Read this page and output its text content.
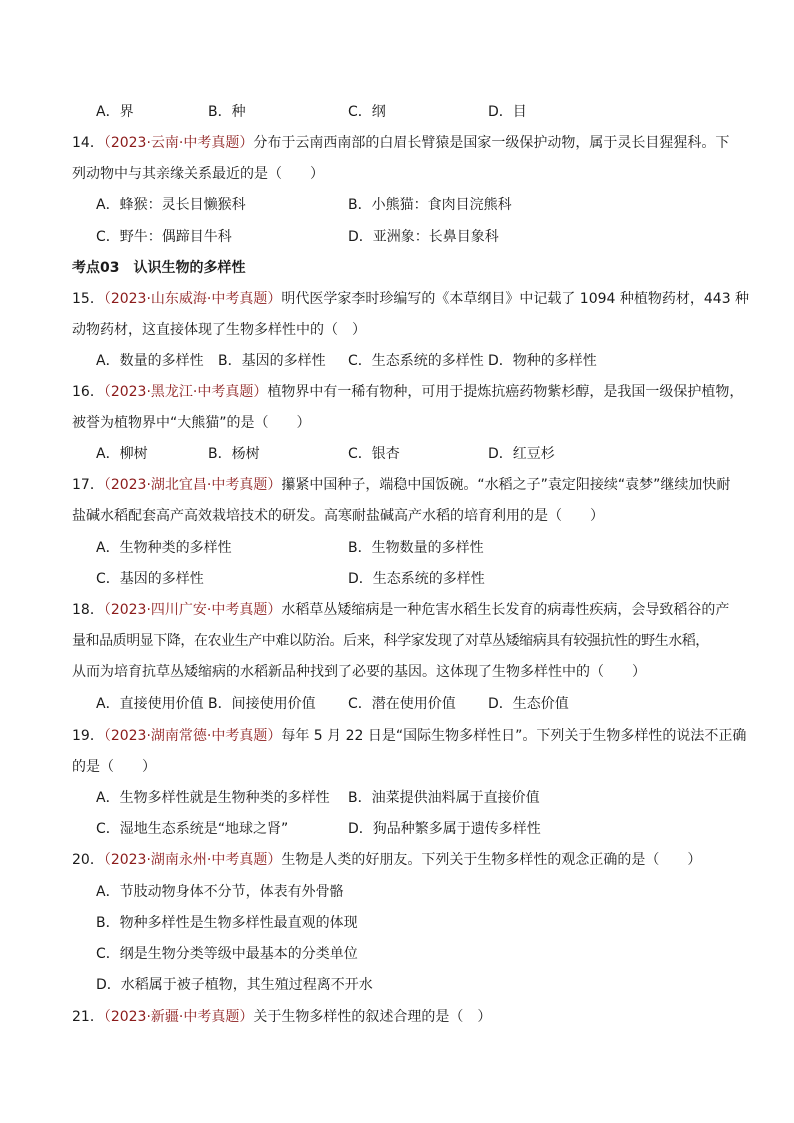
A．界	B．种	C．纲	D．目
14．（2023·云南·中考真题）分布于云南西南部的白眉长臂猿是国家一级保护动物，属于灵长目猩猩科。下
列动物中与其亲缘关系最近的是（　　）
A．蜂猴：灵长目懒猴科	B．小熊猫：食肉目浣熊科
C．野牛：偶蹄目牛科	D．亚洲象：长鼻目象科
考点03　认识生物的多样性
15．（2023·山东威海·中考真题）明代医学家李时珍编写的《本草纲目》中记载了 1094 种植物药材，443 种
动物药材，这直接体现了生物多样性中的（　）
A．数量的多样性 B．基因的多样性 C．生态系统的多样性 D．物种的多样性
16．（2023·黑龙江·中考真题）植物界中有一稀有物种，可用于提炼抗癌药物紫杉醇，是我国一级保护植物，
被誉为植物界中“大熊猫”的是（　　）
A．柳树	B．杨树	C．银杏	D．红豆杉
17．（2023·湖北宜昌·中考真题）攥紧中国种子，端稳中国饭碗。“水稻之子”袁定阳接续“袁梦”继续加快耐
盐碱水稻配套高产高效栽培技术的研发。高寒耐盐碱高产水稻的培育利用的是（　　）
A．生物种类的多样性	B．生物数量的多样性
C．基因的多样性	D．生态系统的多样性
18．（2023·四川广安·中考真题）水稻草丛矮缩病是一种危害水稻生长发育的病毒性疾病，会导致稻谷的产
量和品质明显下降，在农业生产中难以防治。后来，科学家发现了对草丛矮缩病具有较强抗性的野生水稻，
从而为培育抗草丛矮缩病的水稻新品种找到了必要的基因。这体现了生物多样性中的（　　）
A．直接使用价值 B．间接使用价值 C．潜在使用价值 D．生态价值
19．（2023·湖南常德·中考真题）每年 5 月 22 日是“国际生物多样性日”。下列关于生物多样性的说法不正确
的是（　　）
A．生物多样性就是生物种类的多样性 B．油菜提供油料属于直接价值
C．湿地生态系统是“地球之肾”	D．狗品种繁多属于遗传多样性
20．（2023·湖南永州·中考真题）生物是人类的好朋友。下列关于生物多样性的观念正确的是（　　）
A．节肢动物身体不分节，体表有外骨骼
B．物种多样性是生物多样性最直观的体现
C．纲是生物分类等级中最基本的分类单位
D．水稻属于被子植物，其生殖过程离不开水
21．（2023·新疆·中考真题）关于生物多样性的叙述合理的是（　）
